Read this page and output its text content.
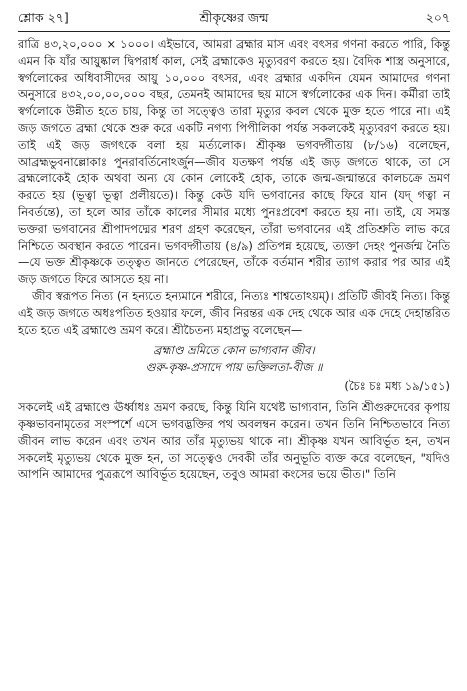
শ্লোক ২৭]	শ্রীকৃষ্ণের জন্ম	২০৭

রাত্রি ৪৩,২০,০০০ × ১০০০। এইভাবে, আমরা ব্রহ্মার মাস এবং বৎসর গণনা করতে পারি, কিন্তু এমন কি যাঁর আয়ুষ্কাল দ্বিপরার্ধ কাল, সেই ব্রহ্মাকেও মৃত্যুবরণ করতে হয়। বৈদিক শাস্ত্র অনুসারে, স্বর্গলোকের অধিবাসীদের আয়ু ১০,০০০ বৎসর, এবং ব্রহ্মার একদিন যেমন আমাদের গণনা অনুসারে ৪৩২,০০,০০,০০০ বছর, তেমনই আমাদের ছয় মাসে স্বর্গলোকের এক দিন। কর্মীরা তাই স্বর্গলোকে উন্নীত হতে চায়, কিন্তু তা সত্ত্বেও তারা মৃত্যুর কবল থেকে মুক্ত হতে পারে না। এই জড় জগতে ব্রহ্মা থেকে শুরু করে একটি নগণ্য পিপীলিকা পর্যন্ত সকলকেই মৃত্যুবরণ করতে হয়। তাই এই জড় জগৎকে বলা হয় মর্ত্যলোক। শ্রীকৃষ্ণ ভগবদ্গীতায় (৮/১৬) বলেছেন, আব্রহ্মভুবনাল্লোকাঃ পুনরাবর্তিনোঽর্জুন—জীব যতক্ষণ পর্যন্ত এই জড় জগতে থাকে, তা সে ব্রহ্মলোকেই হোক অথবা অন্য যে কোন লোকেই হোক, তাকে জন্ম-জন্মান্তরে কালচক্রে ভ্রমণ করতে হয় (ভূত্বা ভূত্বা প্রলীয়তে)। কিন্তু কেউ যদি ভগবানের কাছে ফিরে যান (যদ্ গত্বা ন নিবর্তন্তে), তা হলে আর তাঁকে কালের সীমার মধ্যে পুনঃপ্রবেশ করতে হয় না। তাই, যে সমস্ত ভক্তরা ভগবানের শ্রীপাদপদ্মের শরণ গ্রহণ করেছেন, তাঁরা ভগবানের এই প্রতিশ্রুতি লাভ করে নিশ্চিতে অবস্থান করতে পারেন। ভগবদ্গীতায় (৪/৯) প্রতিপন্ন হয়েছে, ত্যক্তা দেহং পুনর্জন্ম নৈতি—যে ভক্ত শ্রীকৃষ্ণকে তত্ত্বত জানতে পেরেছেন, তাঁকে বর্তমান শরীর ত্যাগ করার পর আর এই জড় জগতে ফিরে আসতে হয় না।

জীব স্বরূপত নিত্য (ন হন্যতে হন্যমানে শরীরে, নিত্যঃ শাশ্বতোঽয়ম্)। প্রতিটি জীবই নিত্য। কিন্তু এই জড় জগতে অধঃপতিত হওয়ার ফলে, জীব নিরন্তর এক দেহ থেকে আর এক দেহে দেহান্তরিত হতে হতে এই ব্রহ্মাণ্ডে ভ্রমণ করে। শ্রীচৈতন্য মহাপ্রভু বলেছেন—

ব্রহ্মাণ্ড ভ্রমিতে কোন ভাগ্যবান জীব।
গুরু-কৃষ্ণ-প্রসাদে পায় ভক্তিলতা-বীজ ॥
(চৈঃ চঃ মধ্য ১৯/১৫১)

সকলেই এই ব্রহ্মাণ্ডে ঊর্ধ্বাধঃ ভ্রমণ করছে, কিন্তু যিনি যথেষ্ট ভাগ্যবান, তিনি শ্রীগুরুদেবের কৃপায় কৃষ্ণভাবনামৃতের সংস্পর্শে এসে ভগবদ্ভক্তির পথ অবলম্বন করেন। তখন তিনি নিশ্চিতভাবে নিত্য জীবন লাভ করেন এবং তখন আর তাঁর মৃত্যুভয় থাকে না। শ্রীকৃষ্ণ যখন আবির্ভূত হন, তখন সকলেই মৃত্যুভয় থেকে মুক্ত হন, তা সত্ত্বেও দেবকী তাঁর অনুভূতি ব্যক্ত করে বলেছেন, "যদিও আপনি আমাদের পুত্ররূপে আবির্ভূত হয়েছেন, তবুও আমরা কংসের ভয়ে ভীত।" তিনি
